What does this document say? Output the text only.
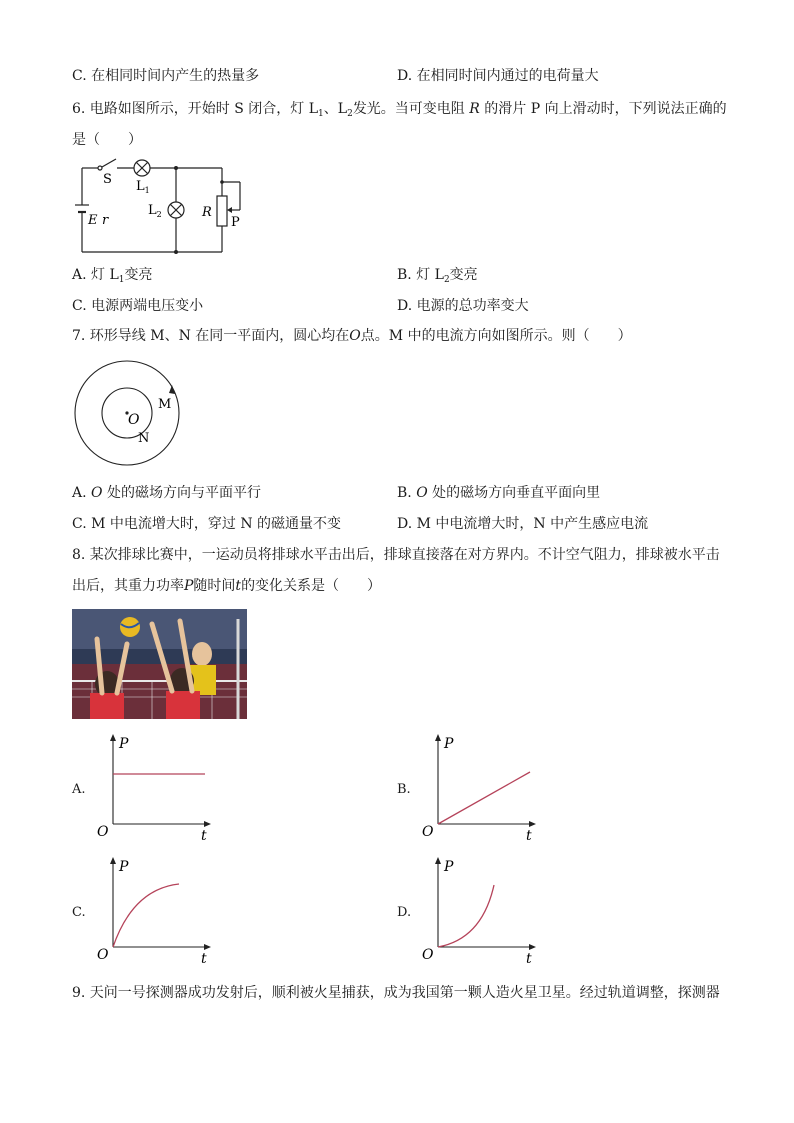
C. 在相同时间内产生的热量多	D. 在相同时间内通过的电荷量大
6. 电路如图所示，开始时 S 闭合，灯 $L_1$、$L_2$发光。当可变电阻 R 的滑片 P 向上滑动时，下列说法正确的
是（　　）
S $L_1$
$L_2$
E r
R
P
A. 灯 $L_1$变亮	B. 灯 $L_2$变亮
C. 电源两端电压变小	D. 电源的总功率变大
7. 环形导线 M、N 在同一平面内，圆心均在O点。M 中的电流方向如图所示。则（　　）
O
M
N
A. O 处的磁场方向与平面平行	B. O 处的磁场方向垂直平面向里
C. M 中电流增大时，穿过 N 的磁通量不变	D. M 中电流增大时，N 中产生感应电流
8. 某次排球比赛中，一运动员将排球水平击出后，排球直接落在对方界内。不计空气阻力，排球被水平击
出后，其重力功率P随时间t的变化关系是（　　）
A.	B.
C.	D.
P
t
O
P
t
O
P
t
O
P
t
O
9. 天问一号探测器成功发射后，顺利被火星捕获，成为我国第一颗人造火星卫星。经过轨道调整，探测器
